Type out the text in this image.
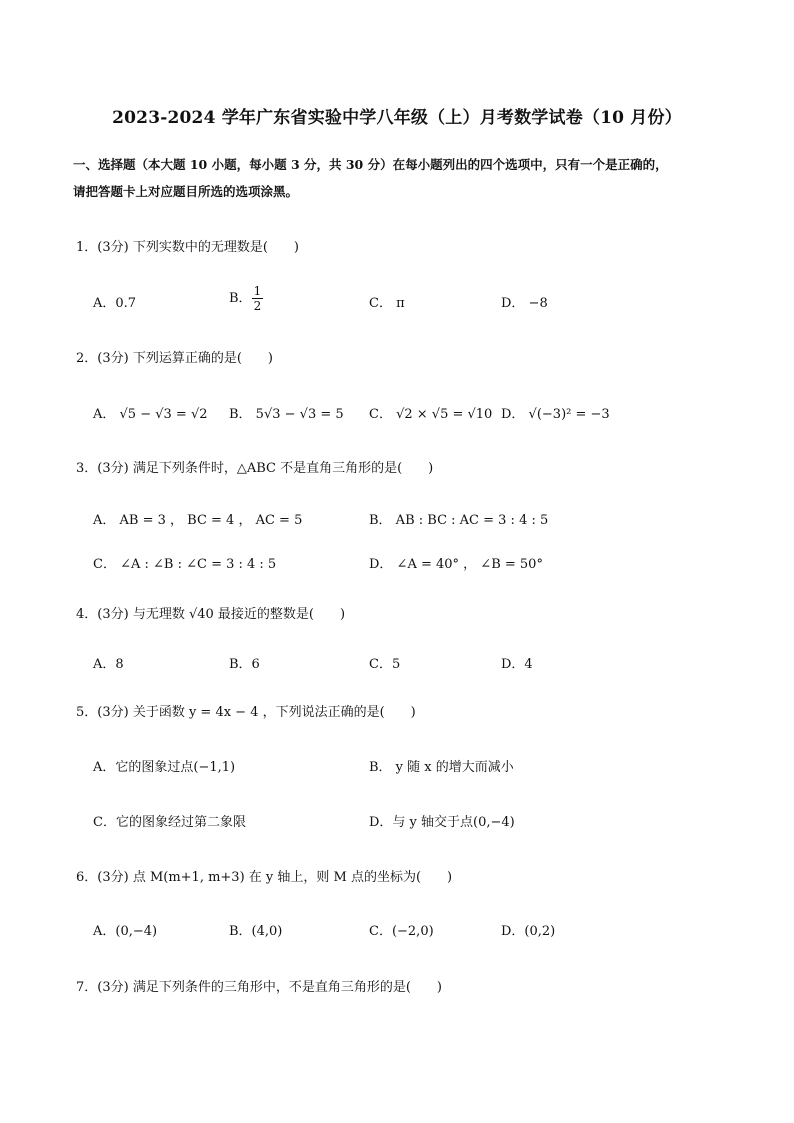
2023-2024 学年广东省实验中学八年级（上）月考数学试卷（10 月份）
一、选择题（本大题 10 小题，每小题 3 分，共 30 分）在每小题列出的四个选项中，只有一个是正确的，
请把答题卡上对应题目所选的选项涂黑。
1．(3分) 下列实数中的无理数是(　　)
A．0.7	B． $\frac{1}{2}$	C． π	D． −8
2．(3分) 下列运算正确的是(　　)
A． √5 − √3 = √2 B． 5√3 − √3 = 5 C． √2 × √5 = √10 D． √(−3)² = −3
3．(3分) 满足下列条件时，△ABC 不是直角三角形的是(　　)
A． AB = 3 ， BC = 4 ， AC = 5	B． AB : BC : AC = 3 : 4 : 5
C． ∠A : ∠B : ∠C = 3 : 4 : 5	D． ∠A = 40° ， ∠B = 50°
4．(3分) 与无理数 √40 最接近的整数是(　　)
A．8	B．6	C．5	D．4
5．(3分) 关于函数 y = 4x − 4 ，下列说法正确的是(　　)
A．它的图象过点(−1,1)	B． y 随 x 的增大而减小
C．它的图象经过第二象限	D．与 y 轴交于点(0,−4)
6．(3分) 点 M(m+1, m+3) 在 y 轴上，则 M 点的坐标为(　　)
A．(0,−4)	B．(4,0)	C．(−2,0)	D．(0,2)
7．(3分) 满足下列条件的三角形中，不是直角三角形的是(　　)
